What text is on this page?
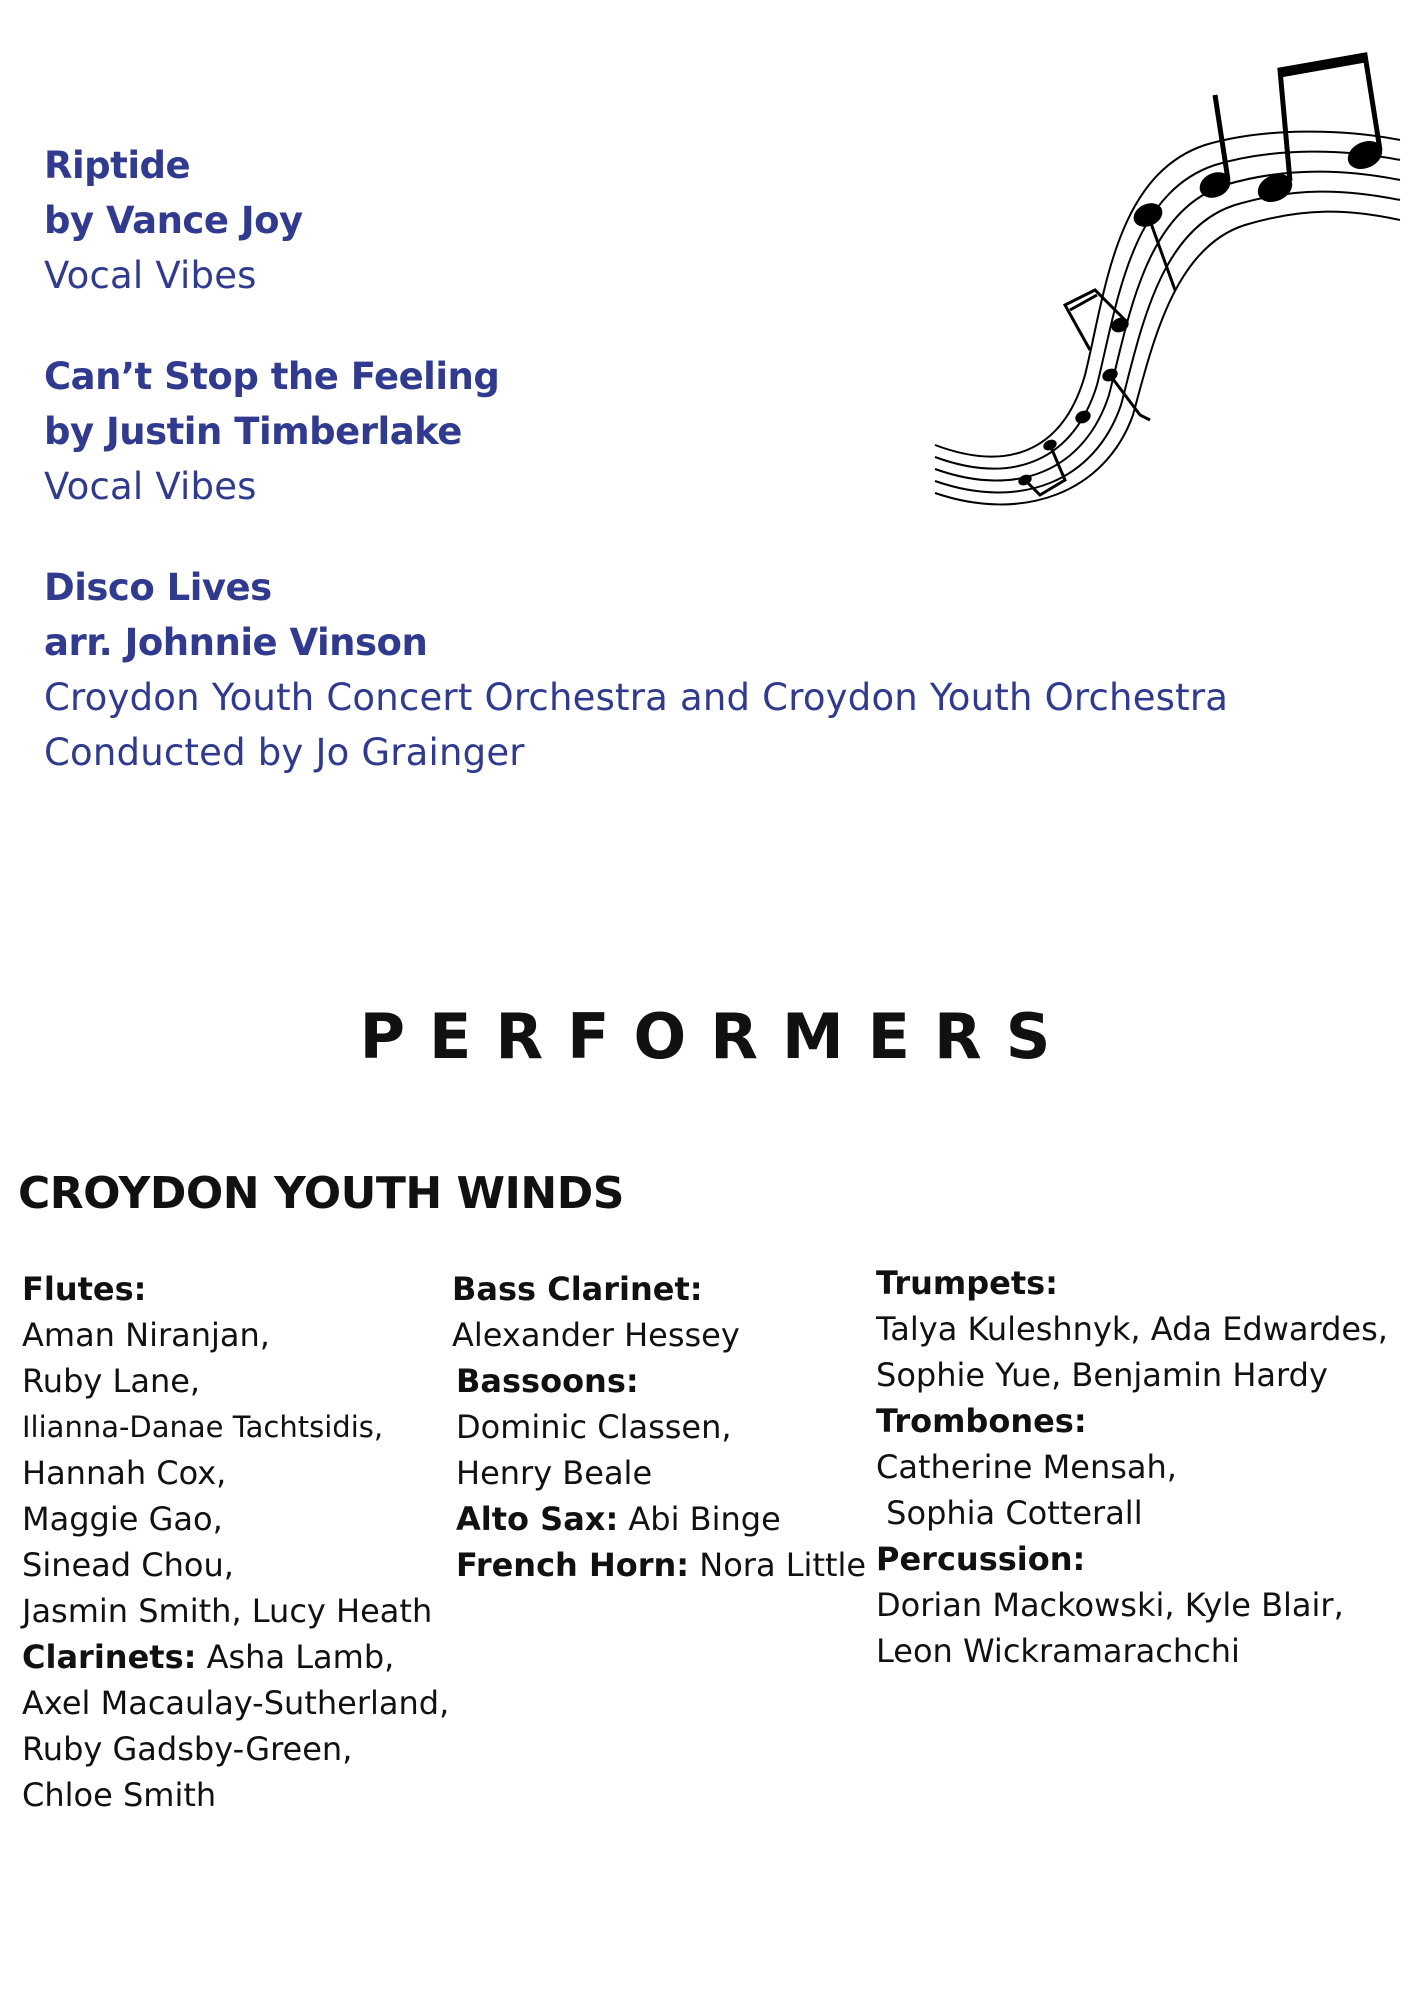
Riptide
by Vance Joy
Vocal Vibes
Can’t Stop the Feeling
by Justin Timberlake
Vocal Vibes
Disco Lives
arr. Johnnie Vinson
Croydon Youth Concert Orchestra and Croydon Youth Orchestra
Conducted by Jo Grainger
PERFORMERS
CROYDON YOUTH WINDS
Flutes:
Aman Niranjan,
Ruby Lane,
Ilianna-Danae Tachtsidis,
Hannah Cox,
Maggie Gao,
Sinead Chou,
Jasmin Smith, Lucy Heath
Clarinets: Asha Lamb,
Axel Macaulay-Sutherland,
Ruby Gadsby-Green,
Chloe Smith
Bass Clarinet:
Alexander Hessey
Bassoons:
Dominic Classen,
Henry Beale
Alto Sax: Abi Binge
French Horn: Nora Little
Trumpets:
Talya Kuleshnyk, Ada Edwardes,
Sophie Yue, Benjamin Hardy
Trombones:
Catherine Mensah,
Sophia Cotterall
Percussion:
Dorian Mackowski, Kyle Blair,
Leon Wickramarachchi
